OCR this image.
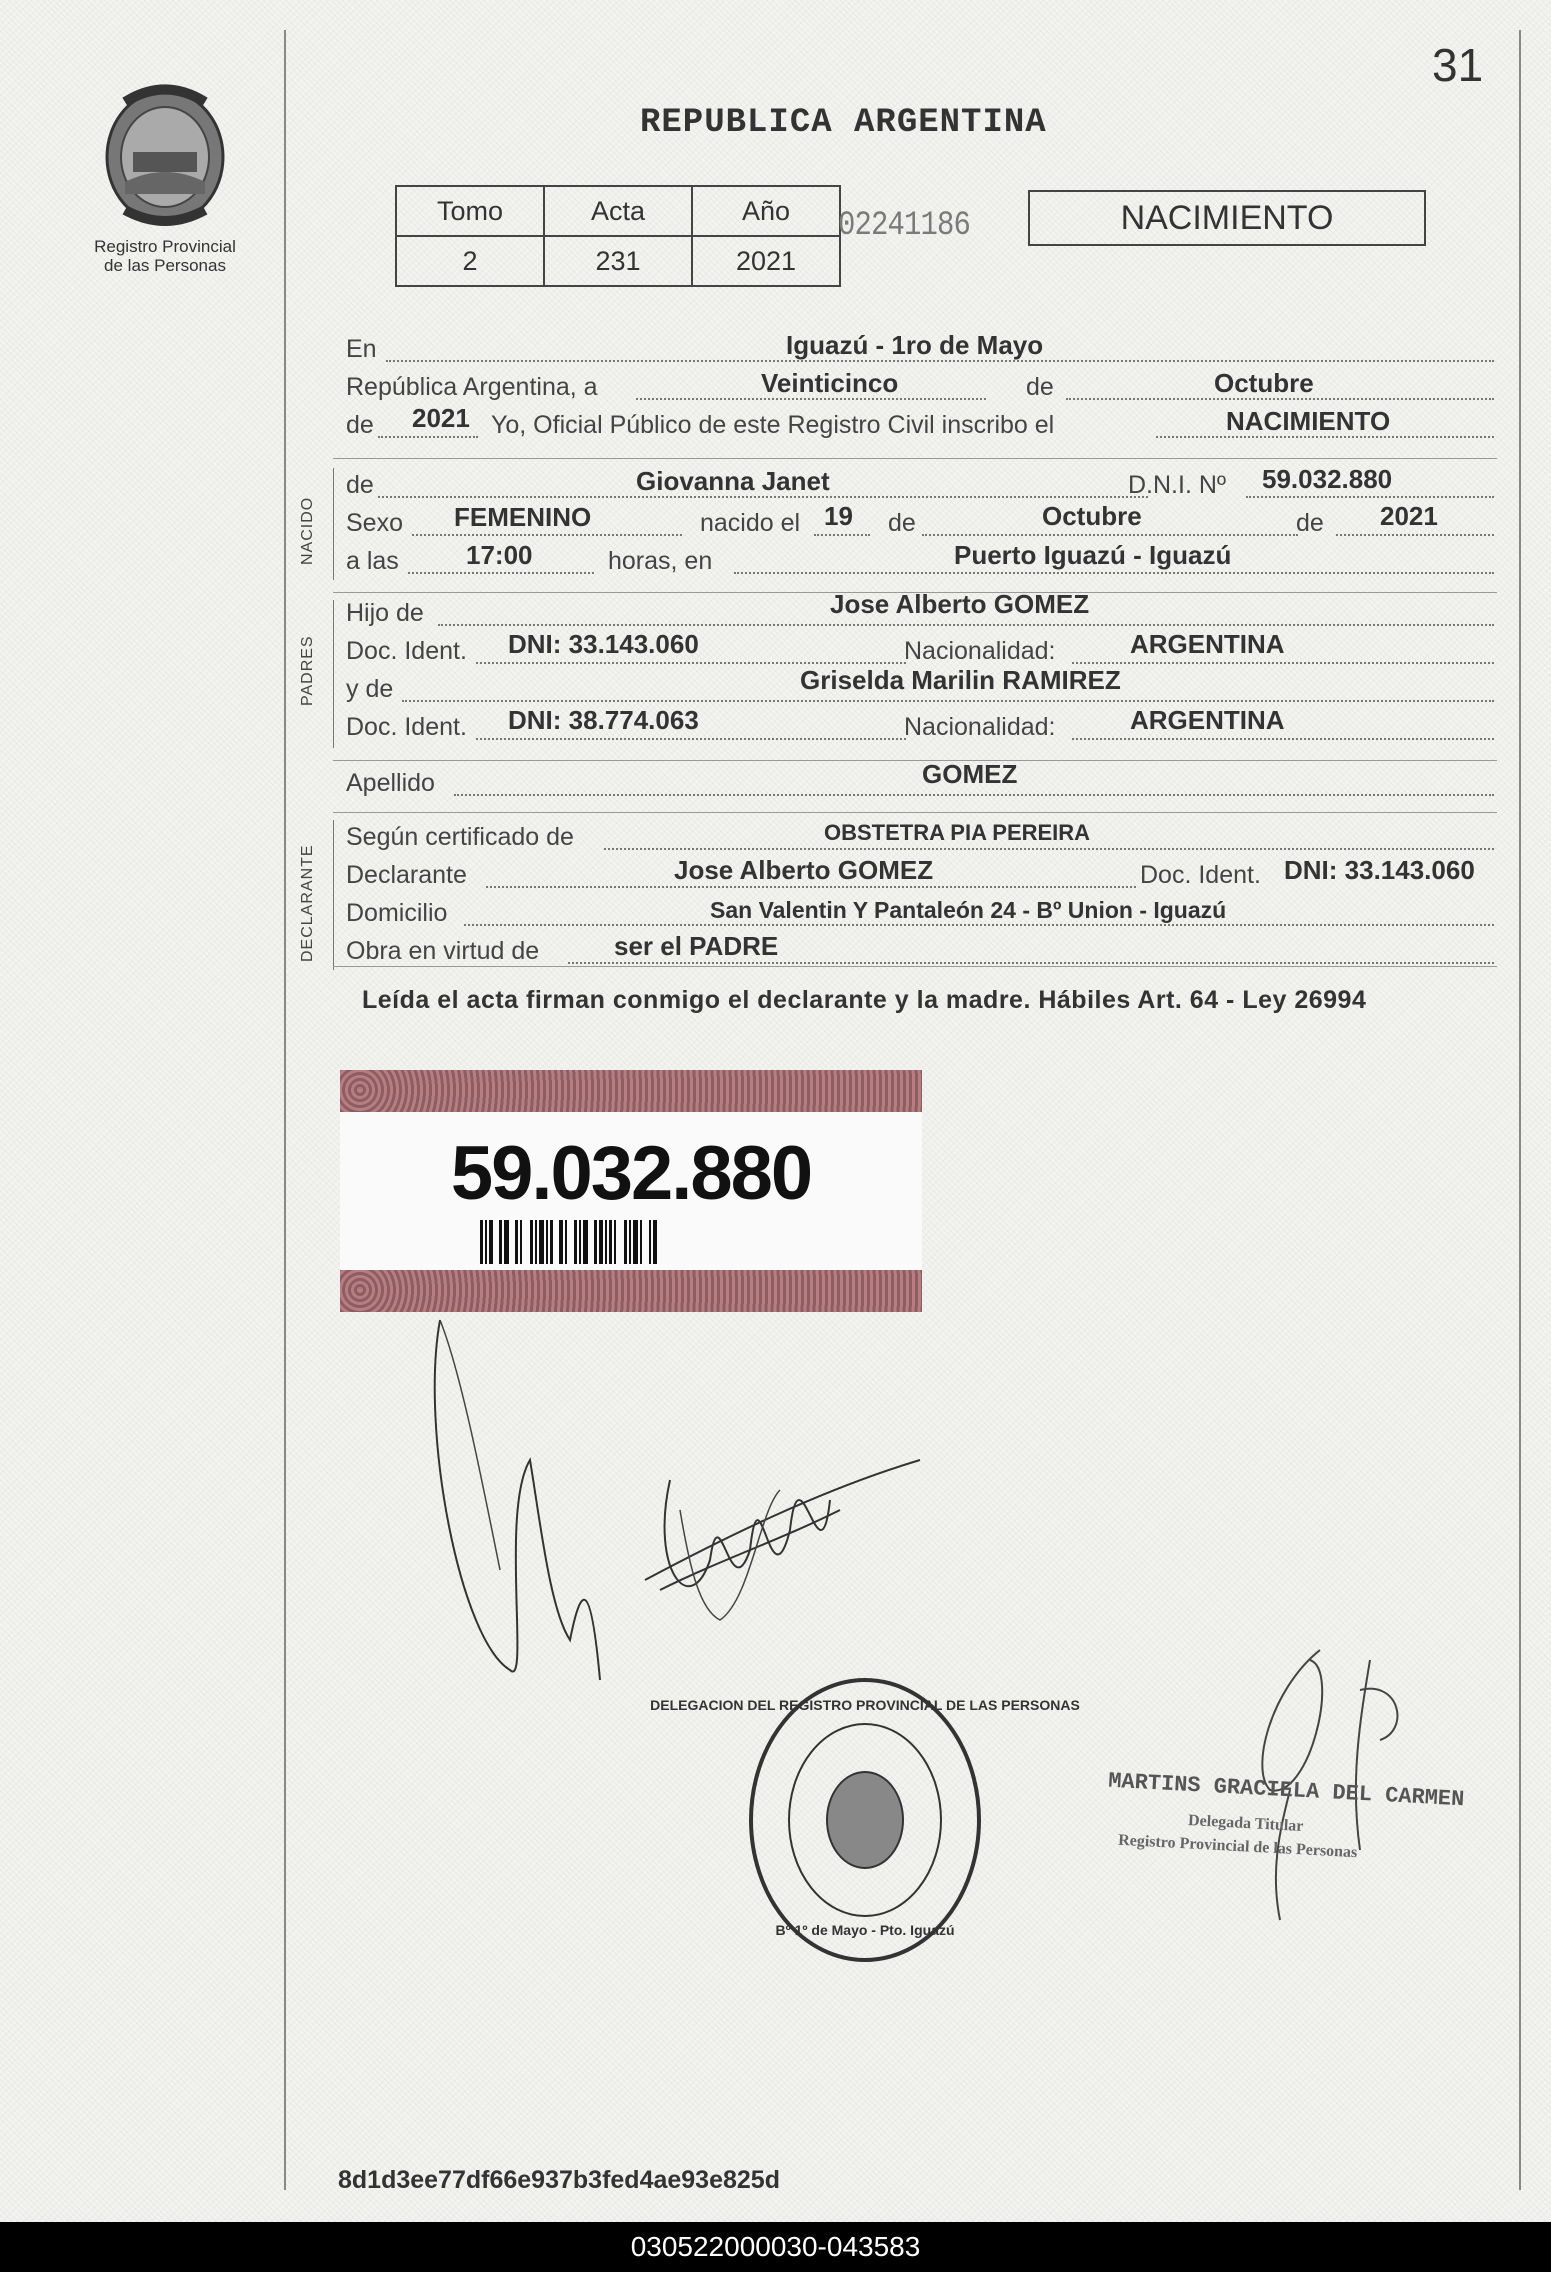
31
Registro Provincial
de las Personas
REPUBLICA ARGENTINA
Tomo	Acta	Año
2	231	2021
02241186	NACIMIENTO
En	Iguazú - 1ro de Mayo
República Argentina, a	Veinticinco	de	Octubre
de 2021 Yo, Oficial Público de este Registro Civil inscribo el	NACIMIENTO
NACIDO
de	Giovanna Janet	D.N.I. Nº 59.032.880
Sexo FEMENINO	nacido el 19 de	Octubre	de 2021
a las	17:00	horas, en	Puerto Iguazú - Iguazú
PADRES
Hijo de	Jose Alberto GOMEZ
Doc. Ident. DNI: 33.143.060	Nacionalidad:	ARGENTINA
y de	Griselda Marilin RAMIREZ
Doc. Ident. DNI: 38.774.063	Nacionalidad:	ARGENTINA
Apellido	GOMEZ
DECLARANTE
Según certificado de	OBSTETRA PIA PEREIRA
Declarante	Jose Alberto GOMEZ	Doc. Ident. DNI: 33.143.060
Domicilio	San Valentin Y Pantaleón 24 - Bº Union - Iguazú
Obra en virtud de	ser el PADRE
Leída el acta firman conmigo el declarante y la madre. Hábiles Art. 64 - Ley 26994
59.032.880
DELEGACION DEL REGISTRO PROVINCIAL DE LAS PERSONAS
Bº 1º de Mayo - Pto. Iguazú
MARTINS GRACIELA DEL CARMEN
Delegada Titular
Registro Provincial de las Personas
8d1d3ee77df66e937b3fed4ae93e825d
030522000030-043583
